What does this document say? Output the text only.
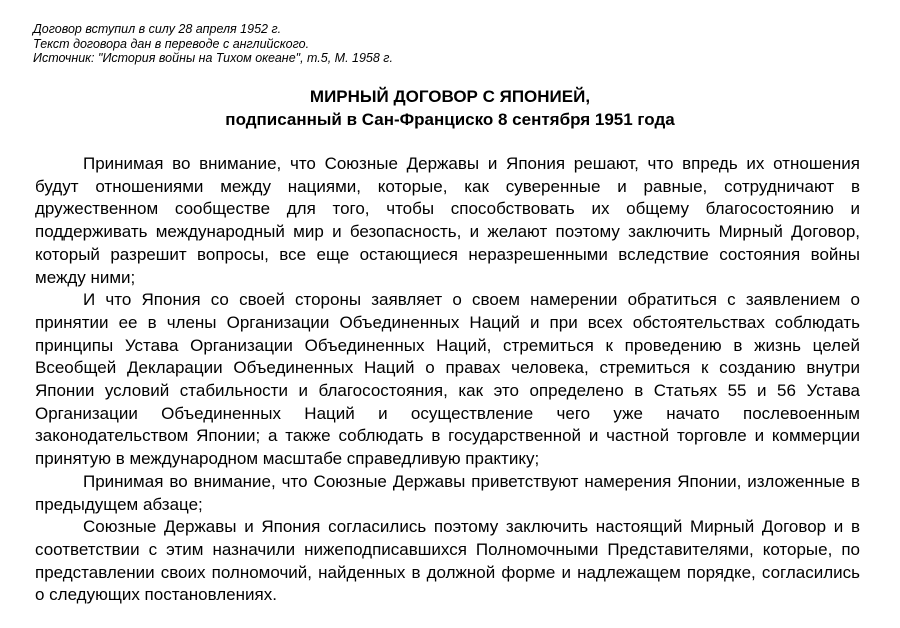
Договор вступил в силу 28 апреля 1952 г.
Текст договора дан в переводе с английского.
Источник: "История войны на Тихом океане", т.5, М. 1958 г.
МИРНЫЙ ДОГОВОР С ЯПОНИЕЙ,
подписанный в Сан-Франциско 8 сентября 1951 года

Принимая во внимание, что Союзные Державы и Япония решают, что впредь их отношения будут отношениями между нациями, которые, как суверенные и равные, сотрудничают в дружественном сообществе для того, чтобы способствовать их общему благосостоянию и поддерживать международный мир и безопасность, и желают поэтому заключить Мирный Договор, который разрешит вопросы, все еще остающиеся неразрешенными вследствие состояния войны между ними;

И что Япония со своей стороны заявляет о своем намерении обратиться с заявлением о принятии ее в члены Организации Объединенных Наций и при всех обстоятельствах соблюдать принципы Устава Организации Объединенных Наций, стремиться к проведению в жизнь целей Всеобщей Декларации Объединенных Наций о правах человека, стремиться к созданию внутри Японии условий стабильности и благосостояния, как это определено в Статьях 55 и 56 Устава Организации Объединенных Наций и осуществление чего уже начато послевоенным законодательством Японии; а также соблюдать в государственной и частной торговле и коммерции принятую в международном масштабе справедливую практику;

Принимая во внимание, что Союзные Державы приветствуют намерения Японии, изложенные в предыдущем абзаце;

Союзные Державы и Япония согласились поэтому заключить настоящий Мирный Договор и в соответствии с этим назначили нижеподписавшихся Полномочными Представителями, которые, по представлении своих полномочий, найденных в должной форме и надлежащем порядке, согласились о следующих постановлениях.
